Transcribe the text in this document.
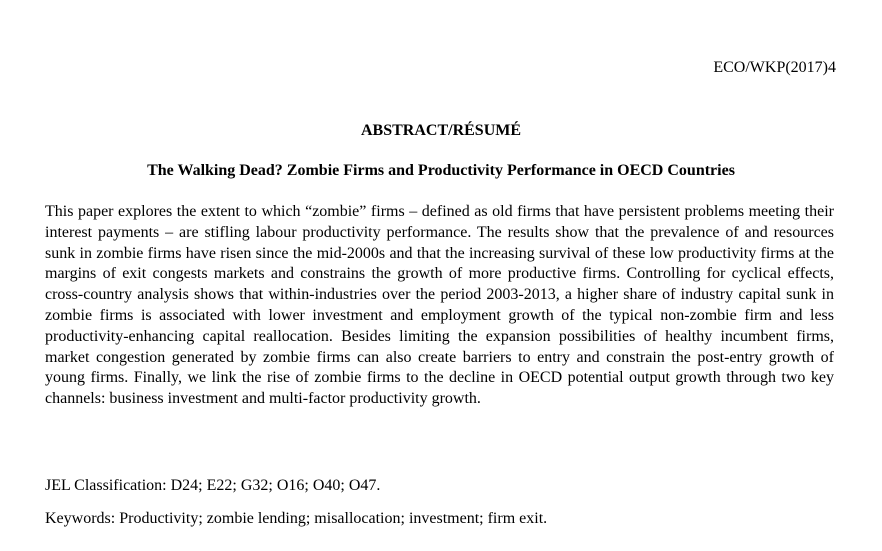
ECO/WKP(2017)4
ABSTRACT/RÉSUMÉ
The Walking Dead? Zombie Firms and Productivity Performance in OECD Countries

This paper explores the extent to which “zombie” firms – defined as old firms that have persistent problems meeting their interest payments – are stifling labour productivity performance. The results show that the prevalence of and resources sunk in zombie firms have risen since the mid-2000s and that the increasing survival of these low productivity firms at the margins of exit congests markets and constrains the growth of more productive firms. Controlling for cyclical effects, cross-country analysis shows that within-industries over the period 2003-2013, a higher share of industry capital sunk in zombie firms is associated with lower investment and employment growth of the typical non-zombie firm and less productivity-enhancing capital reallocation. Besides limiting the expansion possibilities of healthy incumbent firms, market congestion generated by zombie firms can also create barriers to entry and constrain the post-entry growth of young firms. Finally, we link the rise of zombie firms to the decline in OECD potential output growth through two key channels: business investment and multi-factor productivity growth.

JEL Classification: D24; E22; G32; O16; O40; O47.

Keywords: Productivity; zombie lending; misallocation; investment; firm exit.
